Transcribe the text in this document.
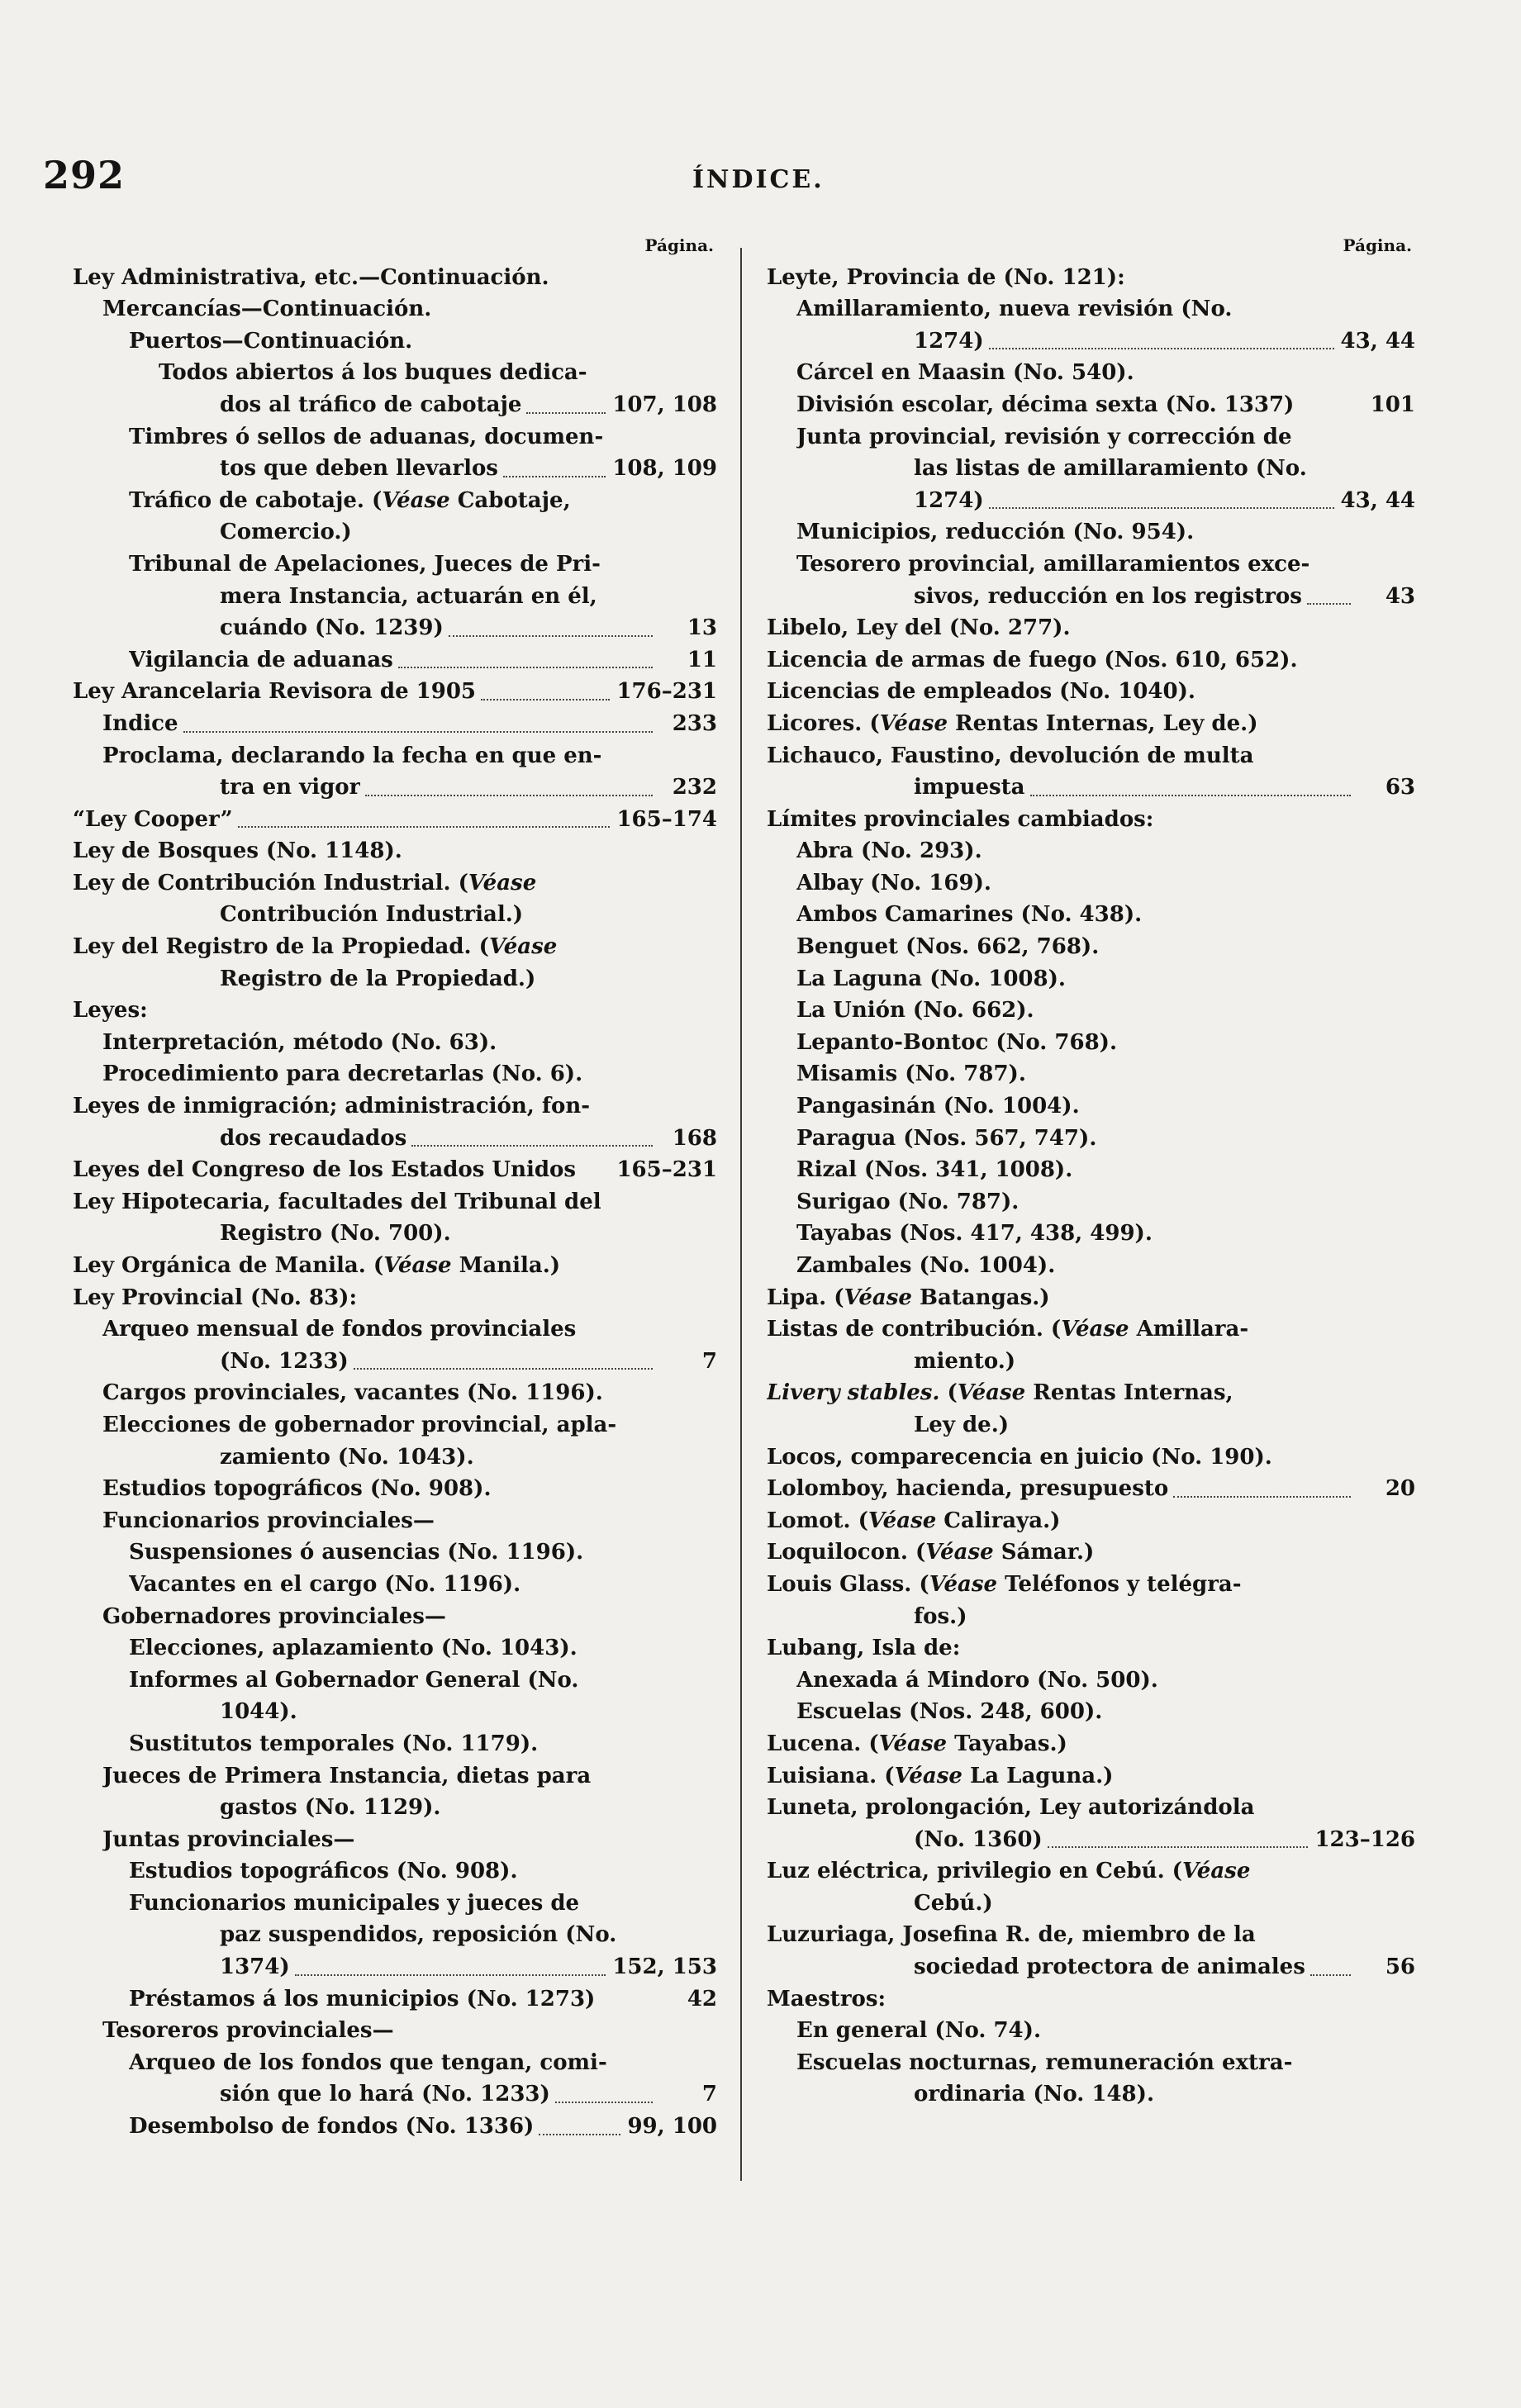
292	ÍNDICE.
Página.
Ley Administrativa, etc.—Continuación.
Mercancías—Continuación.
Puertos—Continuación.
Todos abiertos á los buques dedica-
dos al tráfico de cabotaje	107, 108
Timbres ó sellos de aduanas, documen-
tos que deben llevarlos	108, 109
Tráfico de cabotaje. (Véase Cabotaje,
Comercio.)
Tribunal de Apelaciones, Jueces de Pri-
mera Instancia, actuarán en él,
cuándo (No. 1239)	13
Vigilancia de aduanas	11
Ley Arancelaria Revisora de 1905	176–231
Indice	233
Proclama, declarando la fecha en que en-
tra en vigor	232
“Ley Cooper”	165–174
Ley de Bosques (No. 1148).
Ley de Contribución Industrial. (Véase
Contribución Industrial.)
Ley del Registro de la Propiedad. (Véase
Registro de la Propiedad.)
Leyes:
Interpretación, método (No. 63).
Procedimiento para decretarlas (No. 6).
Leyes de inmigración; administración, fon-
dos recaudados	168
Leyes del Congreso de los Estados Unidos	165–231
Ley Hipotecaria, facultades del Tribunal del
Registro (No. 700).
Ley Orgánica de Manila. (Véase Manila.)
Ley Provincial (No. 83):
Arqueo mensual de fondos provinciales
(No. 1233)	7
Cargos provinciales, vacantes (No. 1196).
Elecciones de gobernador provincial, apla-
zamiento (No. 1043).
Estudios topográficos (No. 908).
Funcionarios provinciales—
Suspensiones ó ausencias (No. 1196).
Vacantes en el cargo (No. 1196).
Gobernadores provinciales—
Elecciones, aplazamiento (No. 1043).
Informes al Gobernador General (No.
1044).
Sustitutos temporales (No. 1179).
Jueces de Primera Instancia, dietas para
gastos (No. 1129).
Juntas provinciales—
Estudios topográficos (No. 908).
Funcionarios municipales y jueces de
paz suspendidos, reposición (No.
1374)	152, 153
Préstamos á los municipios (No. 1273)	42
Tesoreros provinciales—
Arqueo de los fondos que tengan, comi-
sión que lo hará (No. 1233)	7
Desembolso de fondos (No. 1336)	99, 100
Página.
Leyte, Provincia de (No. 121):
Amillaramiento, nueva revisión (No.
1274)	43, 44
Cárcel en Maasin (No. 540).
División escolar, décima sexta (No. 1337)	101
Junta provincial, revisión y corrección de
las listas de amillaramiento (No.
1274)	43, 44
Municipios, reducción (No. 954).
Tesorero provincial, amillaramientos exce-
sivos, reducción en los registros	43
Libelo, Ley del (No. 277).
Licencia de armas de fuego (Nos. 610, 652).
Licencias de empleados (No. 1040).
Licores. (Véase Rentas Internas, Ley de.)
Lichauco, Faustino, devolución de multa
impuesta	63
Límites provinciales cambiados:
Abra (No. 293).
Albay (No. 169).
Ambos Camarines (No. 438).
Benguet (Nos. 662, 768).
La Laguna (No. 1008).
La Unión (No. 662).
Lepanto-Bontoc (No. 768).
Misamis (No. 787).
Pangasinán (No. 1004).
Paragua (Nos. 567, 747).
Rizal (Nos. 341, 1008).
Surigao (No. 787).
Tayabas (Nos. 417, 438, 499).
Zambales (No. 1004).
Lipa. (Véase Batangas.)
Listas de contribución. (Véase Amillara-
miento.)
Livery stables. (Véase Rentas Internas,
Ley de.)
Locos, comparecencia en juicio (No. 190).
Lolomboy, hacienda, presupuesto	20
Lomot. (Véase Caliraya.)
Loquilocon. (Véase Sámar.)
Louis Glass. (Véase Teléfonos y telégra-
fos.)
Lubang, Isla de:
Anexada á Mindoro (No. 500).
Escuelas (Nos. 248, 600).
Lucena. (Véase Tayabas.)
Luisiana. (Véase La Laguna.)
Luneta, prolongación, Ley autorizándola
(No. 1360)	123–126
Luz eléctrica, privilegio en Cebú. (Véase
Cebú.)
Luzuriaga, Josefina R. de, miembro de la
sociedad protectora de animales	56
Maestros:
En general (No. 74).
Escuelas nocturnas, remuneración extra-
ordinaria (No. 148).
